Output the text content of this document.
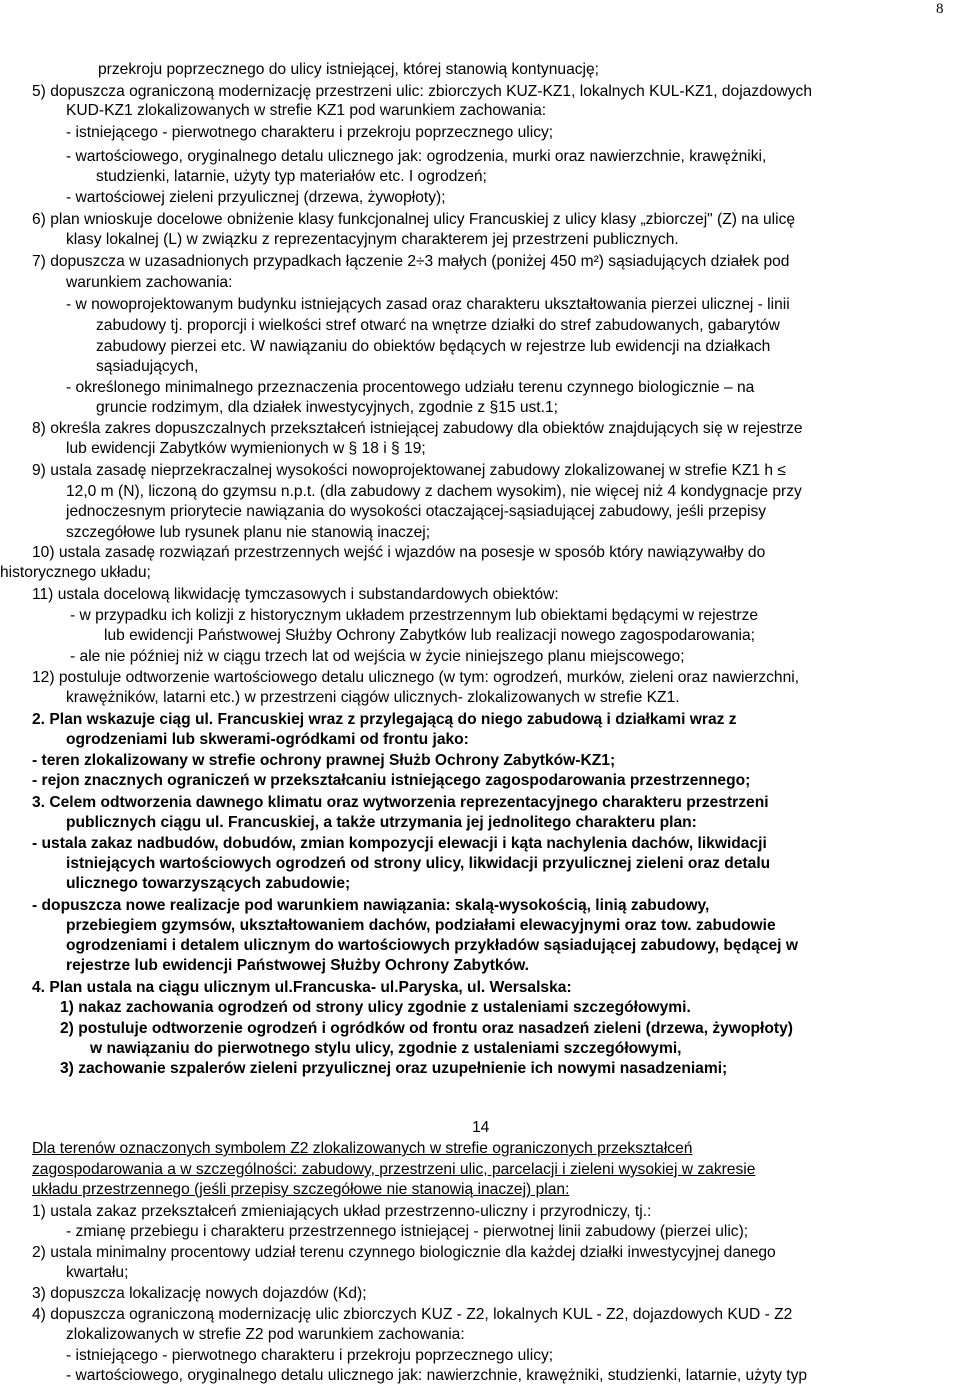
8
przekroju poprzecznego do ulicy istniejącej, której stanowią kontynuację;
5) dopuszcza ograniczoną modernizację przestrzeni ulic: zbiorczych KUZ-KZ1, lokalnych KUL-KZ1, dojazdowych
KUD-KZ1 zlokalizowanych w strefie KZ1 pod warunkiem zachowania:
- istniejącego - pierwotnego charakteru i przekroju poprzecznego ulicy;
- wartościowego, oryginalnego detalu ulicznego jak: ogrodzenia, murki oraz nawierzchnie, krawężniki,
studzienki, latarnie, użyty typ materiałów etc. I ogrodzeń;
- wartościowej zieleni przyulicznej (drzewa, żywopłoty);
6) plan wnioskuje docelowe obniżenie klasy funkcjonalnej ulicy Francuskiej z ulicy klasy „zbiorczej" (Z) na ulicę
klasy lokalnej (L) w związku z reprezentacyjnym charakterem jej przestrzeni publicznych.
7) dopuszcza w uzasadnionych przypadkach łączenie 2÷3 małych (poniżej 450 m²) sąsiadujących działek pod
warunkiem zachowania:
- w nowoprojektowanym budynku istniejących zasad oraz charakteru ukształtowania pierzei ulicznej - linii
zabudowy tj. proporcji i wielkości stref otwarć na wnętrze działki do stref zabudowanych, gabarytów
zabudowy pierzei etc. W nawiązaniu do obiektów będących w rejestrze lub ewidencji na działkach
sąsiadujących,
- określonego minimalnego przeznaczenia procentowego udziału terenu czynnego biologicznie – na
gruncie rodzimym, dla działek inwestycyjnych, zgodnie z §15 ust.1;
8) określa zakres dopuszczalnych przekształceń istniejącej zabudowy dla obiektów znajdujących się w rejestrze
lub ewidencji Zabytków wymienionych w § 18 i § 19;
9) ustala zasadę nieprzekraczalnej wysokości nowoprojektowanej zabudowy zlokalizowanej w strefie KZ1 h ≤
12,0 m (N), liczoną do gzymsu n.p.t. (dla zabudowy z dachem wysokim), nie więcej niż 4 kondygnacje przy
jednoczesnym priorytecie nawiązania do wysokości otaczającej-sąsiadującej zabudowy, jeśli przepisy
szczegółowe lub rysunek planu nie stanowią inaczej;
10) ustala zasadę rozwiązań przestrzennych wejść i wjazdów na posesje w sposób który nawiązywałby do
historycznego układu;
11) ustala docelową likwidację tymczasowych i substandardowych obiektów:
- w przypadku ich kolizji z historycznym układem przestrzennym lub obiektami będącymi w rejestrze
lub ewidencji Państwowej Służby Ochrony Zabytków lub realizacji nowego zagospodarowania;
- ale nie później niż w ciągu trzech lat od wejścia w życie niniejszego planu miejscowego;
12) postuluje odtworzenie wartościowego detalu ulicznego (w tym: ogrodzeń, murków, zieleni oraz nawierzchni,
krawężników, latarni etc.) w przestrzeni ciągów ulicznych- zlokalizowanych w strefie KZ1.
2. Plan wskazuje ciąg ul. Francuskiej wraz z przylegającą do niego zabudową i działkami wraz z
ogrodzeniami lub skwerami-ogródkami od frontu jako:
- teren zlokalizowany w strefie ochrony prawnej Służb Ochrony Zabytków-KZ1;
- rejon znacznych ograniczeń w przekształcaniu istniejącego zagospodarowania przestrzennego;
3. Celem odtworzenia dawnego klimatu oraz wytworzenia reprezentacyjnego charakteru przestrzeni
publicznych ciągu ul. Francuskiej, a także utrzymania jej jednolitego charakteru plan:
- ustala zakaz nadbudów, dobudów, zmian kompozycji elewacji i kąta nachylenia dachów, likwidacji
istniejących wartościowych ogrodzeń od strony ulicy, likwidacji przyulicznej zieleni oraz detalu
ulicznego towarzyszących zabudowie;
- dopuszcza nowe realizacje pod warunkiem nawiązania: skalą-wysokością, linią zabudowy,
przebiegiem gzymsów, ukształtowaniem dachów, podziałami elewacyjnymi oraz tow. zabudowie
ogrodzeniami i detalem ulicznym do wartościowych przykładów sąsiadującej zabudowy, będącej w
rejestrze lub ewidencji Państwowej Służby Ochrony Zabytków.
4. Plan ustala na ciągu ulicznym ul.Francuska- ul.Paryska, ul. Wersalska:
1) nakaz zachowania ogrodzeń od strony ulicy zgodnie z ustaleniami szczegółowymi.
2) postuluje odtworzenie ogrodzeń i ogródków od frontu oraz nasadzeń zieleni (drzewa, żywopłoty)
w nawiązaniu do pierwotnego stylu ulicy, zgodnie z ustaleniami szczegółowymi,
3) zachowanie szpalerów zieleni przyulicznej oraz uzupełnienie ich nowymi nasadzeniami;
14
Dla terenów oznaczonych symbolem Z2 zlokalizowanych w strefie ograniczonych przekształceń
zagospodarowania a w szczególności: zabudowy, przestrzeni ulic, parcelacji i zieleni wysokiej w zakresie
układu przestrzennego (jeśli przepisy szczegółowe nie stanowią inaczej) plan:
1) ustala zakaz przekształceń zmieniających układ przestrzenno-uliczny i przyrodniczy, tj.:
- zmianę przebiegu i charakteru przestrzennego istniejącej - pierwotnej linii zabudowy (pierzei ulic);
2) ustala minimalny procentowy udział terenu czynnego biologicznie dla każdej działki inwestycyjnej danego
kwartału;
3) dopuszcza lokalizację nowych dojazdów (Kd);
4) dopuszcza ograniczoną modernizację ulic zbiorczych KUZ - Z2, lokalnych KUL - Z2, dojazdowych KUD - Z2
zlokalizowanych w strefie Z2 pod warunkiem zachowania:
- istniejącego - pierwotnego charakteru i przekroju poprzecznego ulicy;
- wartościowego, oryginalnego detalu ulicznego jak: nawierzchnie, krawężniki, studzienki, latarnie, użyty typ
